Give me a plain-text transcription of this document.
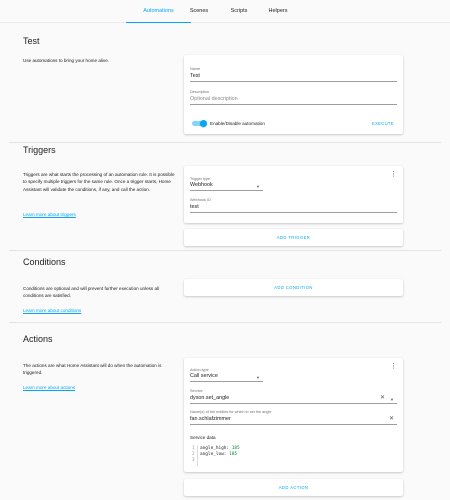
Automations	Scenes	Scripts	Helpers
Test
Use automations to bring your home alive.
Name
Test
Description
Optional description
Enable/Disable automation	EXECUTE
Triggers
Triggers are what starts the processing of an automation rule. It is possible to specify multiple triggers for the same rule. Once a trigger starts, Home Assistant will validate the conditions, if any, and call the action.
Learn more about triggers
⋮
Trigger type
Webhook	▼
Webhook ID
test
ADD TRIGGER
Conditions
Conditions are optional and will prevent further execution unless all conditions are satisfied.
Learn more about conditions
ADD CONDITION
Actions
The actions are what Home Assistant will do when the automation is triggered.
Learn more about actions
⋮
Action type
Call service	▼
Service
dyson.set_angle	✕ ▼
Name(s) of the entities for which to set the angle
fan.schlafzimmer	✕
Service data
1 angle_high: 185
2 angle_low: 185
3
ADD ACTION
